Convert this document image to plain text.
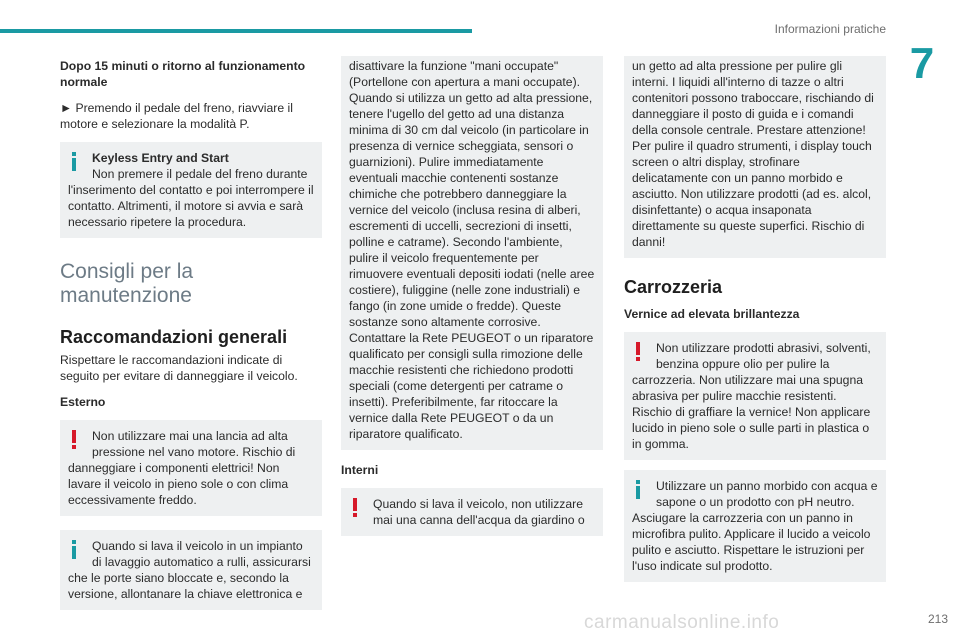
Informazioni pratiche
7

Dopo 15 minuti o ritorno al funzionamento normale

► Premendo il pedale del freno, riavviare il motore e selezionare la modalità P.

Keyless Entry and Start

Non premere il pedale del freno durante

l'inserimento del contatto e poi interrompere il contatto. Altrimenti, il motore si avvia e sarà necessario ripetere la procedura.

Consigli per la manutenzione
Raccomandazioni generali

Rispettare le raccomandazioni indicate di seguito per evitare di danneggiare il veicolo.

Esterno

Non utilizzare mai una lancia ad alta pressione nel vano motore. Rischio di

danneggiare i componenti elettrici! Non lavare il veicolo in pieno sole o con clima eccessivamente freddo.

Quando si lava il veicolo in un impianto di lavaggio automatico a rulli, assicurarsi

che le porte siano bloccate e, secondo la versione, allontanare la chiave elettronica e

disattivare la funzione "mani occupate" (Portellone con apertura a mani occupate). Quando si utilizza un getto ad alta pressione, tenere l'ugello del getto ad una distanza minima di 30 cm dal veicolo (in particolare in presenza di vernice scheggiata, sensori o guarnizioni). Pulire immediatamente eventuali macchie contenenti sostanze chimiche che potrebbero danneggiare la vernice del veicolo (inclusa resina di alberi, escrementi di uccelli, secrezioni di insetti, polline e catrame). Secondo l'ambiente, pulire il veicolo frequentemente per rimuovere eventuali depositi iodati (nelle aree costiere), fuliggine (nelle zone industriali) e fango (in zone umide o fredde). Queste sostanze sono altamente corrosive. Contattare la Rete PEUGEOT o un riparatore qualificato per consigli sulla rimozione delle macchie resistenti che richiedono prodotti speciali (come detergenti per catrame o insetti). Preferibilmente, far ritoccare la vernice dalla Rete PEUGEOT o da un riparatore qualificato.

Interni

Quando si lava il veicolo, non utilizzare mai una canna dell'acqua da giardino o

un getto ad alta pressione per pulire gli interni. I liquidi all'interno di tazze o altri contenitori possono traboccare, rischiando di danneggiare il posto di guida e i comandi della console centrale. Prestare attenzione! Per pulire il quadro strumenti, i display touch screen o altri display, strofinare delicatamente con un panno morbido e asciutto. Non utilizzare prodotti (ad es. alcol, disinfettante) o acqua insaponata direttamente su queste superfici. Rischio di danni!

Carrozzeria

Vernice ad elevata brillantezza

Non utilizzare prodotti abrasivi, solventi, benzina oppure olio per pulire la

carrozzeria. Non utilizzare mai una spugna abrasiva per pulire macchie resistenti. Rischio di graffiare la vernice! Non applicare lucido in pieno sole o sulle parti in plastica o in gomma.

Utilizzare un panno morbido con acqua e sapone o un prodotto con pH neutro.

Asciugare la carrozzeria con un panno in microfibra pulito. Applicare il lucido a veicolo pulito e asciutto. Rispettare le istruzioni per l'uso indicate sul prodotto.

carmanualsonline.info	213
